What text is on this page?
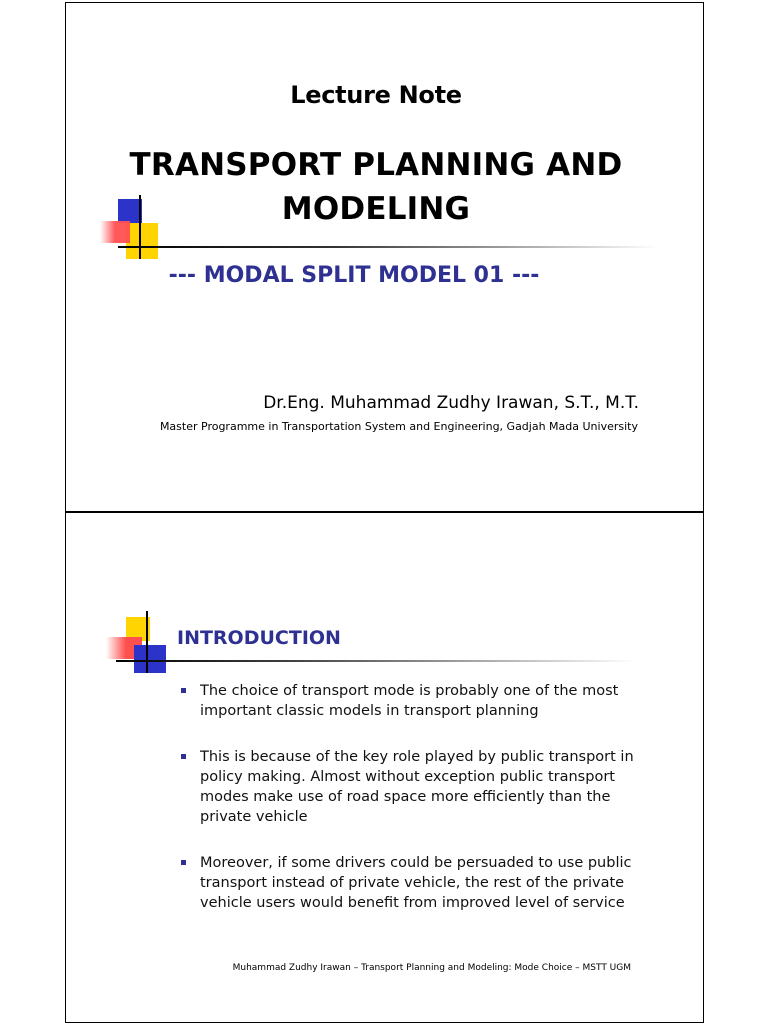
Lecture Note
TRANSPORT PLANNING AND
MODELING
--- MODAL SPLIT MODEL 01 ---
Dr.Eng. Muhammad Zudhy Irawan, S.T., M.T.
Master Programme in Transportation System and Engineering, Gadjah Mada University
INTRODUCTION
The choice of transport mode is probably one of the most important classic models in transport planning
This is because of the key role played by public transport in policy making. Almost without exception public transport modes make use of road space more efficiently than the private vehicle
Moreover, if some drivers could be persuaded to use public transport instead of private vehicle, the rest of the private vehicle users would benefit from improved level of service
Muhammad Zudhy Irawan – Transport Planning and Modeling: Mode Choice – MSTT UGM
